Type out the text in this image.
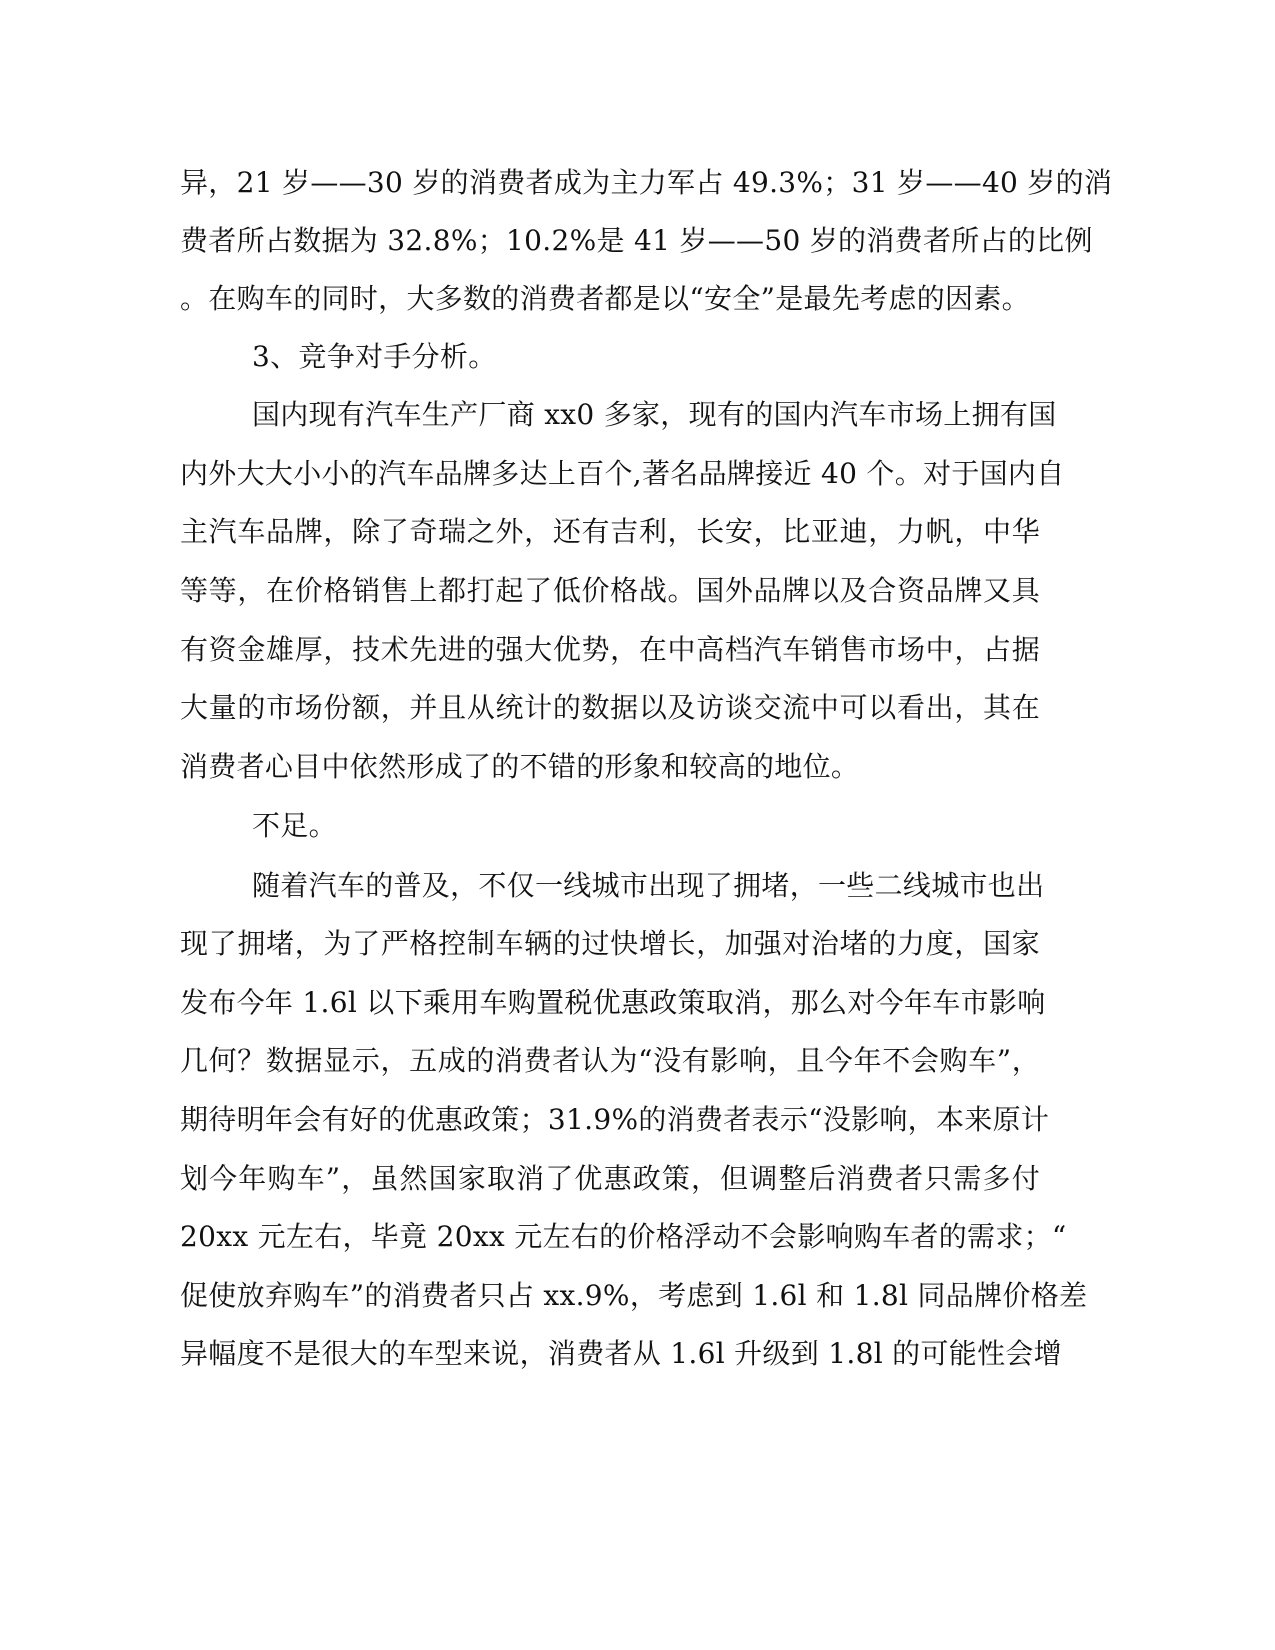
异，21 岁——30 岁的消费者成为主力军占 49.3%；31 岁——40 岁的消
费者所占数据为 32.8%；10.2%是 41 岁——50 岁的消费者所占的比例
。在购车的同时，大多数的消费者都是以“安全”是最先考虑的因素。
3、竞争对手分析。
国内现有汽车生产厂商 xx0 多家，现有的国内汽车市场上拥有国
内外大大小小的汽车品牌多达上百个,著名品牌接近 40 个。对于国内自
主汽车品牌，除了奇瑞之外，还有吉利，长安，比亚迪，力帆，中华
等等，在价格销售上都打起了低价格战。国外品牌以及合资品牌又具
有资金雄厚，技术先进的强大优势，在中高档汽车销售市场中，占据
大量的市场份额，并且从统计的数据以及访谈交流中可以看出，其在
消费者心目中依然形成了的不错的形象和较高的地位。
不足。
随着汽车的普及，不仅一线城市出现了拥堵，一些二线城市也出
现了拥堵，为了严格控制车辆的过快增长，加强对治堵的力度，国家
发布今年 1.6l 以下乘用车购置税优惠政策取消，那么对今年车市影响
几何？数据显示，五成的消费者认为“没有影响，且今年不会购车”，
期待明年会有好的优惠政策；31.9%的消费者表示“没影响，本来原计
划今年购车”，虽然国家取消了优惠政策，但调整后消费者只需多付
20xx 元左右，毕竟 20xx 元左右的价格浮动不会影响购车者的需求；“
促使放弃购车”的消费者只占 xx.9%，考虑到 1.6l 和 1.8l 同品牌价格差
异幅度不是很大的车型来说，消费者从 1.6l 升级到 1.8l 的可能性会增
